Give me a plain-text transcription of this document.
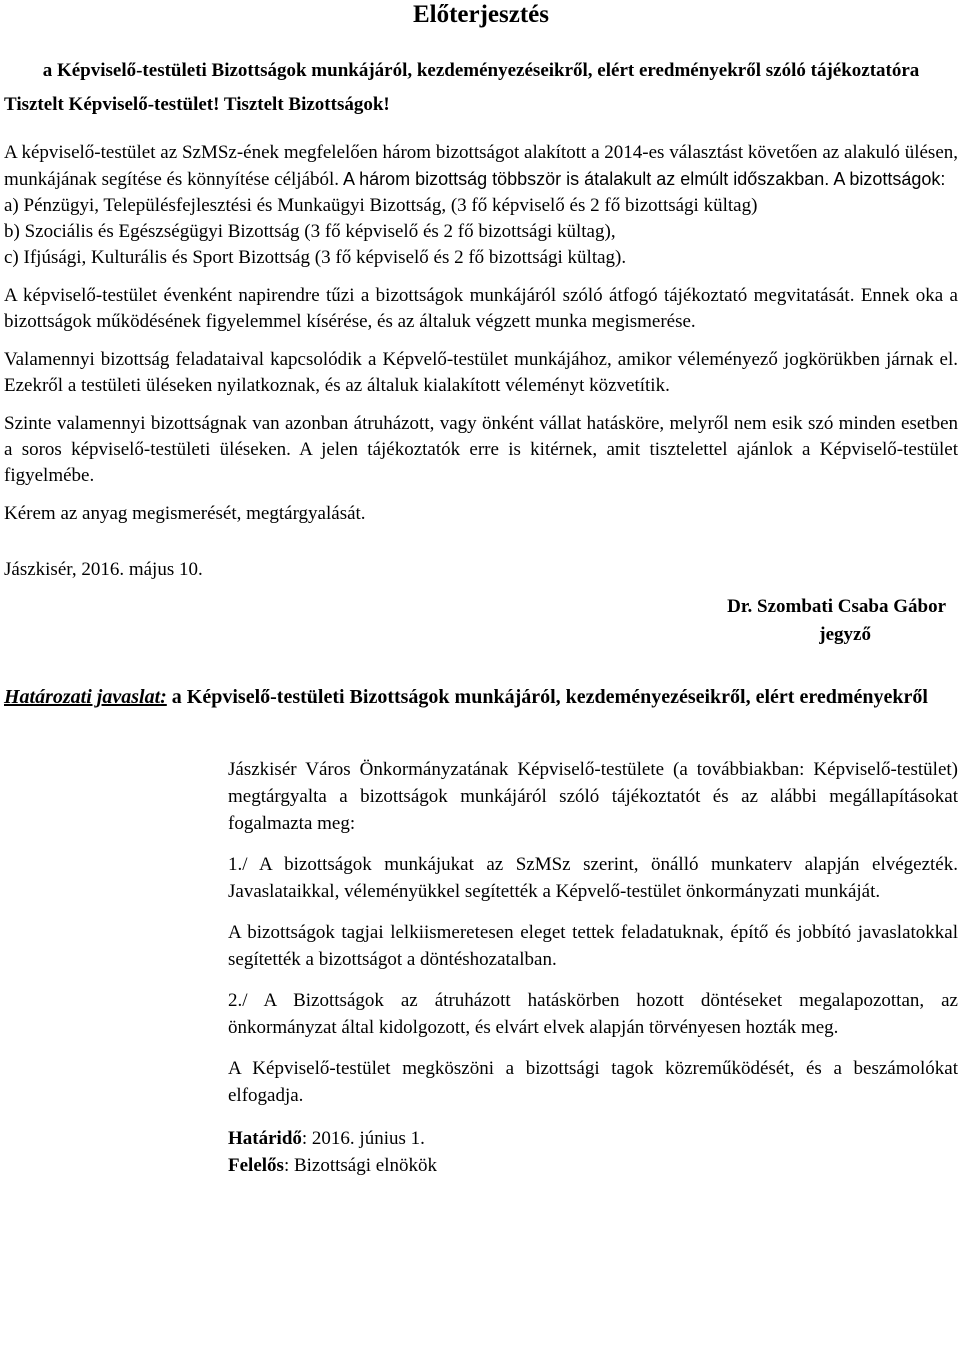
Előterjesztés
a Képviselő-testületi Bizottságok munkájáról, kezdeményezéseikről, elért eredményekről szóló tájékoztatóra
Tisztelt Képviselő-testület! Tisztelt Bizottságok!

A képviselő-testület az SzMSz-ének megfelelően három bizottságot alakított a 2014-es választást követően az alakuló ülésen, munkájának segítése és könnyítése céljából. A három bizottság többször is átalakult az elmúlt időszakban. A bizottságok:

a) Pénzügyi, Településfejlesztési és Munkaügyi Bizottság, (3 fő képviselő és 2 fő bizottsági kültag)
b) Szociális és Egészségügyi Bizottság (3 fő képviselő és 2 fő bizottsági kültag),
c) Ifjúsági, Kulturális és Sport Bizottság (3 fő képviselő és 2 fő bizottsági kültag).

A képviselő-testület évenként napirendre tűzi a bizottságok munkájáról szóló átfogó tájékoztató megvitatását. Ennek oka a bizottságok működésének figyelemmel kísérése, és az általuk végzett munka megismerése.

Valamennyi bizottság feladataival kapcsolódik a Képvelő-testület munkájához, amikor véleményező jogkörükben járnak el. Ezekről a testületi üléseken nyilatkoznak, és az általuk kialakított véleményt közvetítik.

Szinte valamennyi bizottságnak van azonban átruházott, vagy önként vállat hatásköre, melyről nem esik szó minden esetben a soros képviselő-testületi üléseken. A jelen tájékoztatók erre is kitérnek, amit tisztelettel ajánlok a Képviselő-testület figyelmébe.

Kérem az anyag megismerését, megtárgyalását.

Jászkisér, 2016. május 10.

Dr. Szombati Csaba Gábor
jegyző
Határozati javaslat: a Képviselő-testületi Bizottságok munkájáról, kezdeményezéseikről, elért eredményekről

Jászkisér Város Önkormányzatának Képviselő-testülete (a továbbiakban: Képviselő-testület) megtárgyalta a bizottságok munkájáról szóló tájékoztatót és az alábbi megállapításokat fogalmazta meg:

1./ A bizottságok munkájukat az SzMSz szerint, önálló munkaterv alapján elvégezték. Javaslataikkal, véleményükkel segítették a Képvelő-testület önkormányzati munkáját.

A bizottságok tagjai lelkiismeretesen eleget tettek feladatuknak, építő és jobbító javaslatokkal segítették a bizottságot a döntéshozatalban.

2./ A Bizottságok az átruházott hatáskörben hozott döntéseket megalapozottan, az önkormányzat által kidolgozott, és elvárt elvek alapján törvényesen hozták meg.

A Képviselő-testület megköszöni a bizottsági tagok közreműködését, és a beszámolókat elfogadja.

Határidő: 2016. június 1.
Felelős: Bizottsági elnökök
